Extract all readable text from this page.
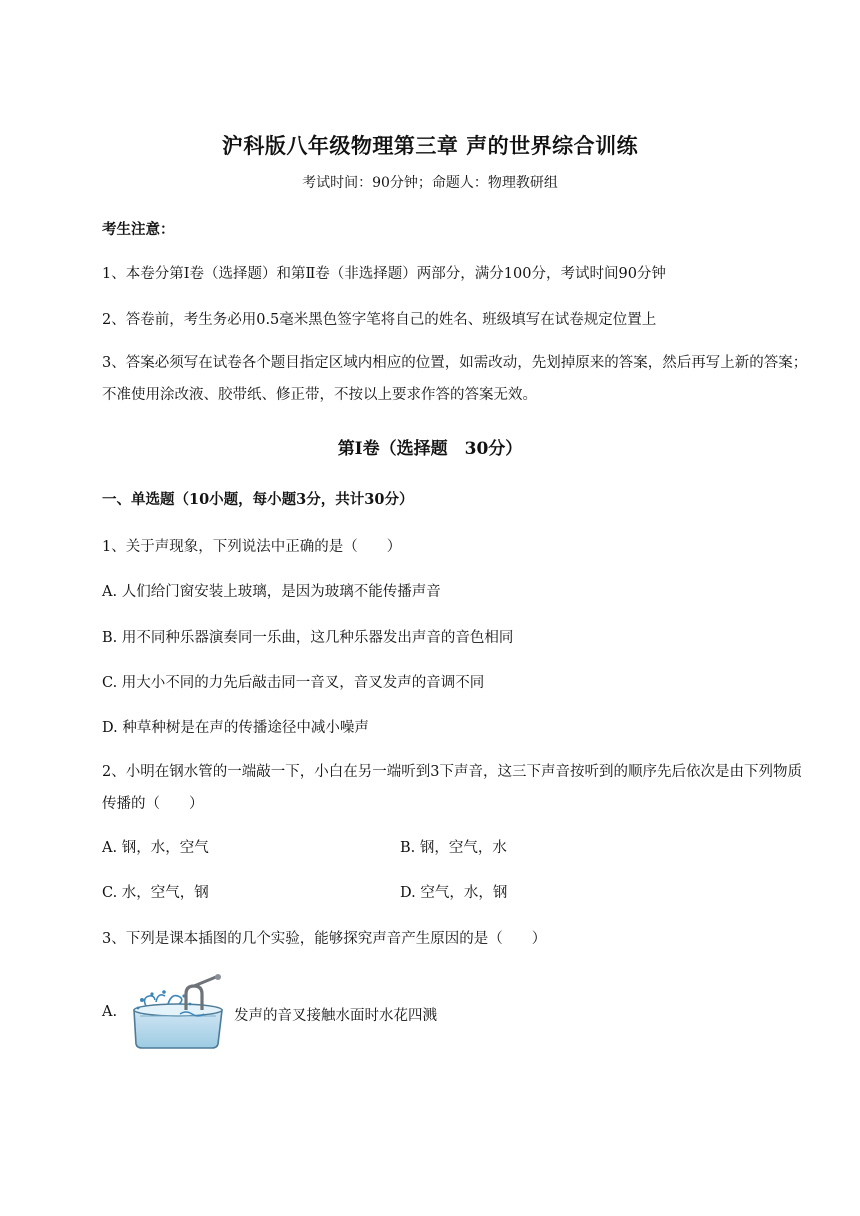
沪科版八年级物理第三章 声的世界综合训练
考试时间：90分钟；命题人：物理教研组
考生注意：
1、本卷分第Ⅰ卷（选择题）和第Ⅱ卷（非选择题）两部分，满分100分，考试时间90分钟
2、答卷前，考生务必用0.5毫米黑色签字笔将自己的姓名、班级填写在试卷规定位置上
3、答案必须写在试卷各个题目指定区域内相应的位置，如需改动，先划掉原来的答案，然后再写上新的答案；不准使用涂改液、胶带纸、修正带，不按以上要求作答的答案无效。
第Ⅰ卷（选择题　30分）
一、单选题（10小题，每小题3分，共计30分）
1、关于声现象，下列说法中正确的是（　　）
A. 人们给门窗安装上玻璃，是因为玻璃不能传播声音
B. 用不同种乐器演奏同一乐曲，这几种乐器发出声音的音色相同
C. 用大小不同的力先后敲击同一音叉，音叉发声的音调不同
D. 种草种树是在声的传播途径中减小噪声
2、小明在钢水管的一端敲一下，小白在另一端听到3下声音，这三下声音按听到的顺序先后依次是由下列物质传播的（　　）
A. 钢，水，空气	B. 钢，空气，水
C. 水，空气，钢	D. 空气，水，钢
3、下列是课本插图的几个实验，能够探究声音产生原因的是（　　）
A.	发声的音叉接触水面时水花四溅
